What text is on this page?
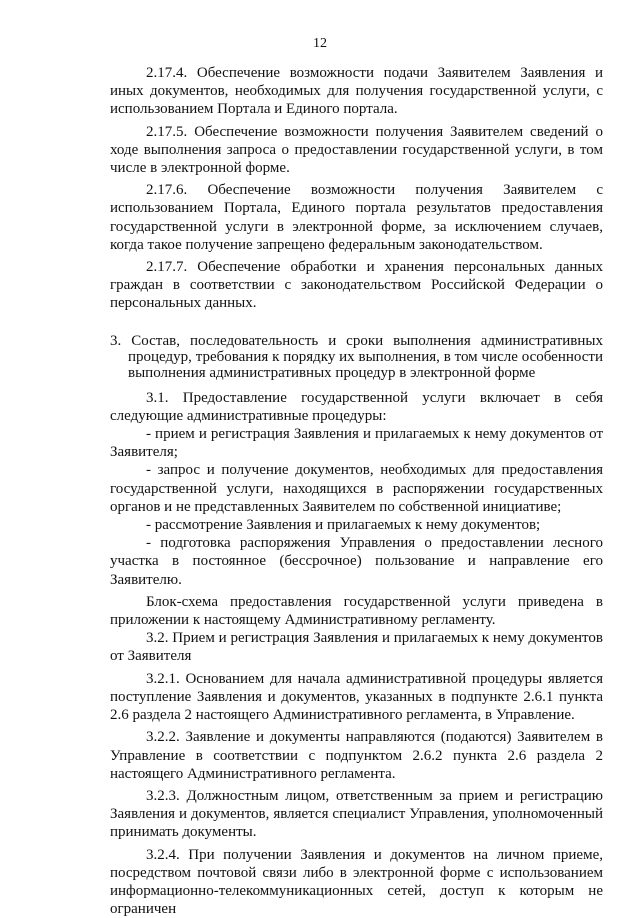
12

2.17.4. Обеспечение возможности подачи Заявителем Заявления и иных документов, необходимых для получения государственной услуги, с использованием Портала и Единого портала.

2.17.5. Обеспечение возможности получения Заявителем сведений о ходе выполнения запроса о предоставлении государственной услуги, в том числе в электронной форме.

2.17.6. Обеспечение возможности получения Заявителем с использованием Портала, Единого портала результатов предоставления государственной услуги в электронной форме, за исключением случаев, когда такое получение запрещено федеральным законодательством.

2.17.7. Обеспечение обработки и хранения персональных данных граждан в соответствии с законодательством Российской Федерации о персональных данных.

3. Состав, последовательность и сроки выполнения административных
процедур, требования к порядку их выполнения, в том числе особенности выполнения административных процедур в электронной форме

3.1. Предоставление государственной услуги включает в себя следующие административные процедуры:

- прием и регистрация Заявления и прилагаемых к нему документов от Заявителя;

- запрос и получение документов, необходимых для предоставления государственной услуги, находящихся в распоряжении государственных органов и не представленных Заявителем по собственной инициативе;

- рассмотрение Заявления и прилагаемых к нему документов;

- подготовка распоряжения Управления о предоставлении лесного участка в постоянное (бессрочное) пользование и направление его Заявителю.

Блок-схема предоставления государственной услуги приведена в приложении к настоящему Административному регламенту.

3.2. Прием и регистрация Заявления и прилагаемых к нему документов от Заявителя

3.2.1. Основанием для начала административной процедуры является поступление Заявления и документов, указанных в подпункте 2.6.1 пункта 2.6 раздела 2 настоящего Административного регламента, в Управление.

3.2.2. Заявление и документы направляются (подаются) Заявителем в Управление в соответствии с подпунктом 2.6.2 пункта 2.6 раздела 2 настоящего Административного регламента.

3.2.3. Должностным лицом, ответственным за прием и регистрацию Заявления и документов, является специалист Управления, уполномоченный принимать документы.

3.2.4. При получении Заявления и документов на личном приеме, посредством почтовой связи либо в электронной форме с использованием информационно-телекоммуникационных сетей, доступ к которым не ограничен
